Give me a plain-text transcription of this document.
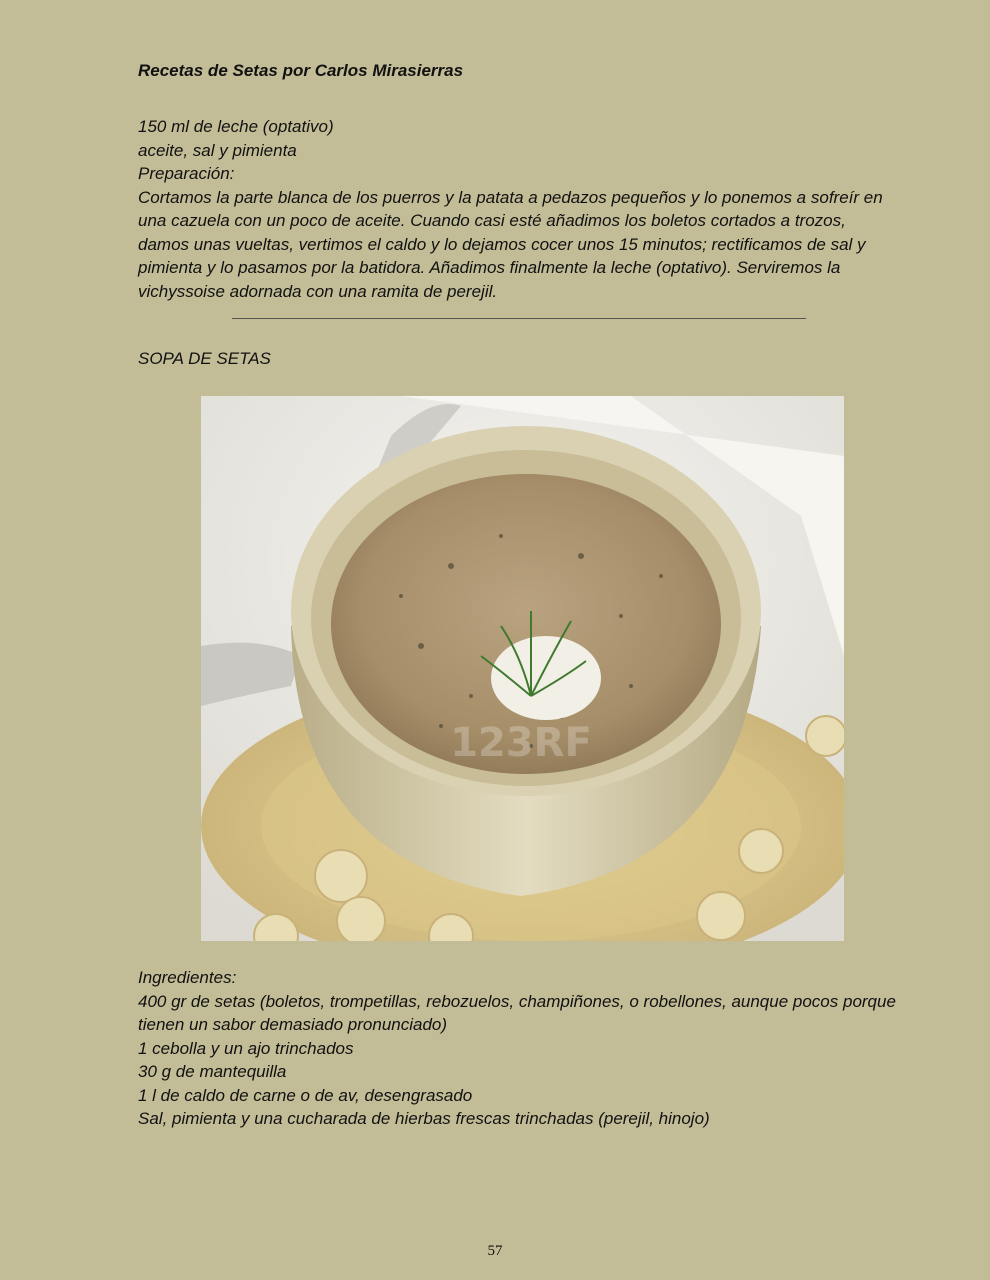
Recetas de Setas por Carlos Mirasierras

150 ml de leche (optativo)

aceite, sal y pimienta

Preparación:

Cortamos la parte blanca de los puerros y la patata a pedazos pequeños y lo ponemos a sofreír en una cazuela con un poco de aceite. Cuando casi esté añadimos los boletos cortados a trozos, damos unas vueltas, vertimos el caldo y lo dejamos cocer unos 15 minutos; rectificamos de sal y pimienta y lo pasamos por la batidora. Añadimos finalmente la leche (optativo). Serviremos la vichyssoise adornada con una ramita de perejil.

SOPA DE SETAS
123RF

Ingredientes:

400 gr de setas (boletos, trompetillas, rebozuelos, champiñones, o robellones, aunque pocos porque tienen un sabor demasiado pronunciado)

1 cebolla y un ajo trinchados

30 g de mantequilla

1 l de caldo de carne o de av, desengrasado

Sal, pimienta y una cucharada de hierbas frescas trinchadas (perejil, hinojo)

57
